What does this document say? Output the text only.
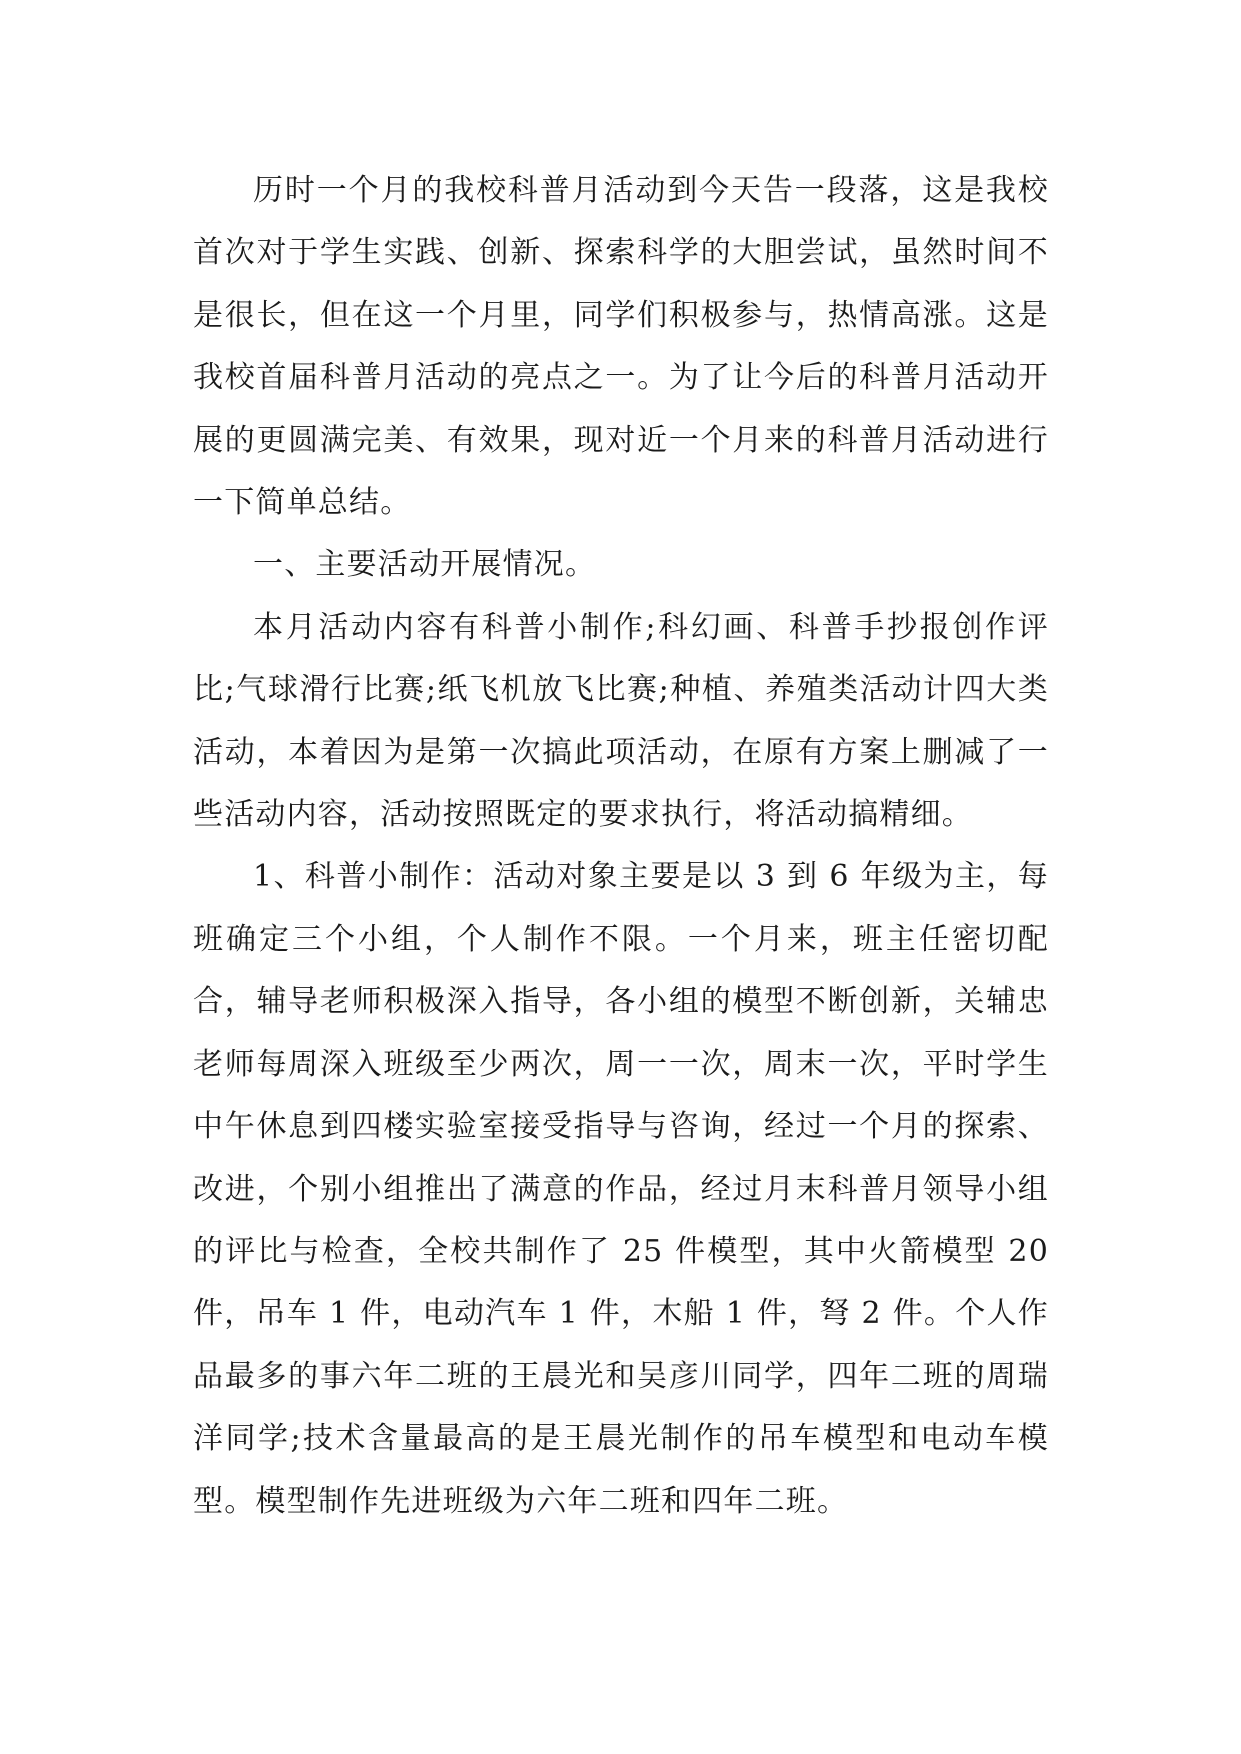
历时一个月的我校科普月活动到今天告一段落，这是我校首次对于学生实践、创新、探索科学的大胆尝试，虽然时间不是很长，但在这一个月里，同学们积极参与，热情高涨。这是我校首届科普月活动的亮点之一。为了让今后的科普月活动开展的更圆满完美、有效果，现对近一个月来的科普月活动进行一下简单总结。

一、主要活动开展情况。

本月活动内容有科普小制作;科幻画、科普手抄报创作评比;气球滑行比赛;纸飞机放飞比赛;种植、养殖类活动计四大类活动，本着因为是第一次搞此项活动，在原有方案上删减了一些活动内容，活动按照既定的要求执行，将活动搞精细。

1、科普小制作：活动对象主要是以 3 到 6 年级为主，每班确定三个小组，个人制作不限。一个月来，班主任密切配合，辅导老师积极深入指导，各小组的模型不断创新，关辅忠老师每周深入班级至少两次，周一一次，周末一次，平时学生中午休息到四楼实验室接受指导与咨询，经过一个月的探索、改进，个别小组推出了满意的作品，经过月末科普月领导小组的评比与检查，全校共制作了 25 件模型，其中火箭模型 20 件，吊车 1 件，电动汽车 1 件，木船 1 件，弩 2 件。个人作品最多的事六年二班的王晨光和吴彦川同学，四年二班的周瑞洋同学;技术含量最高的是王晨光制作的吊车模型和电动车模型。模型制作先进班级为六年二班和四年二班。
